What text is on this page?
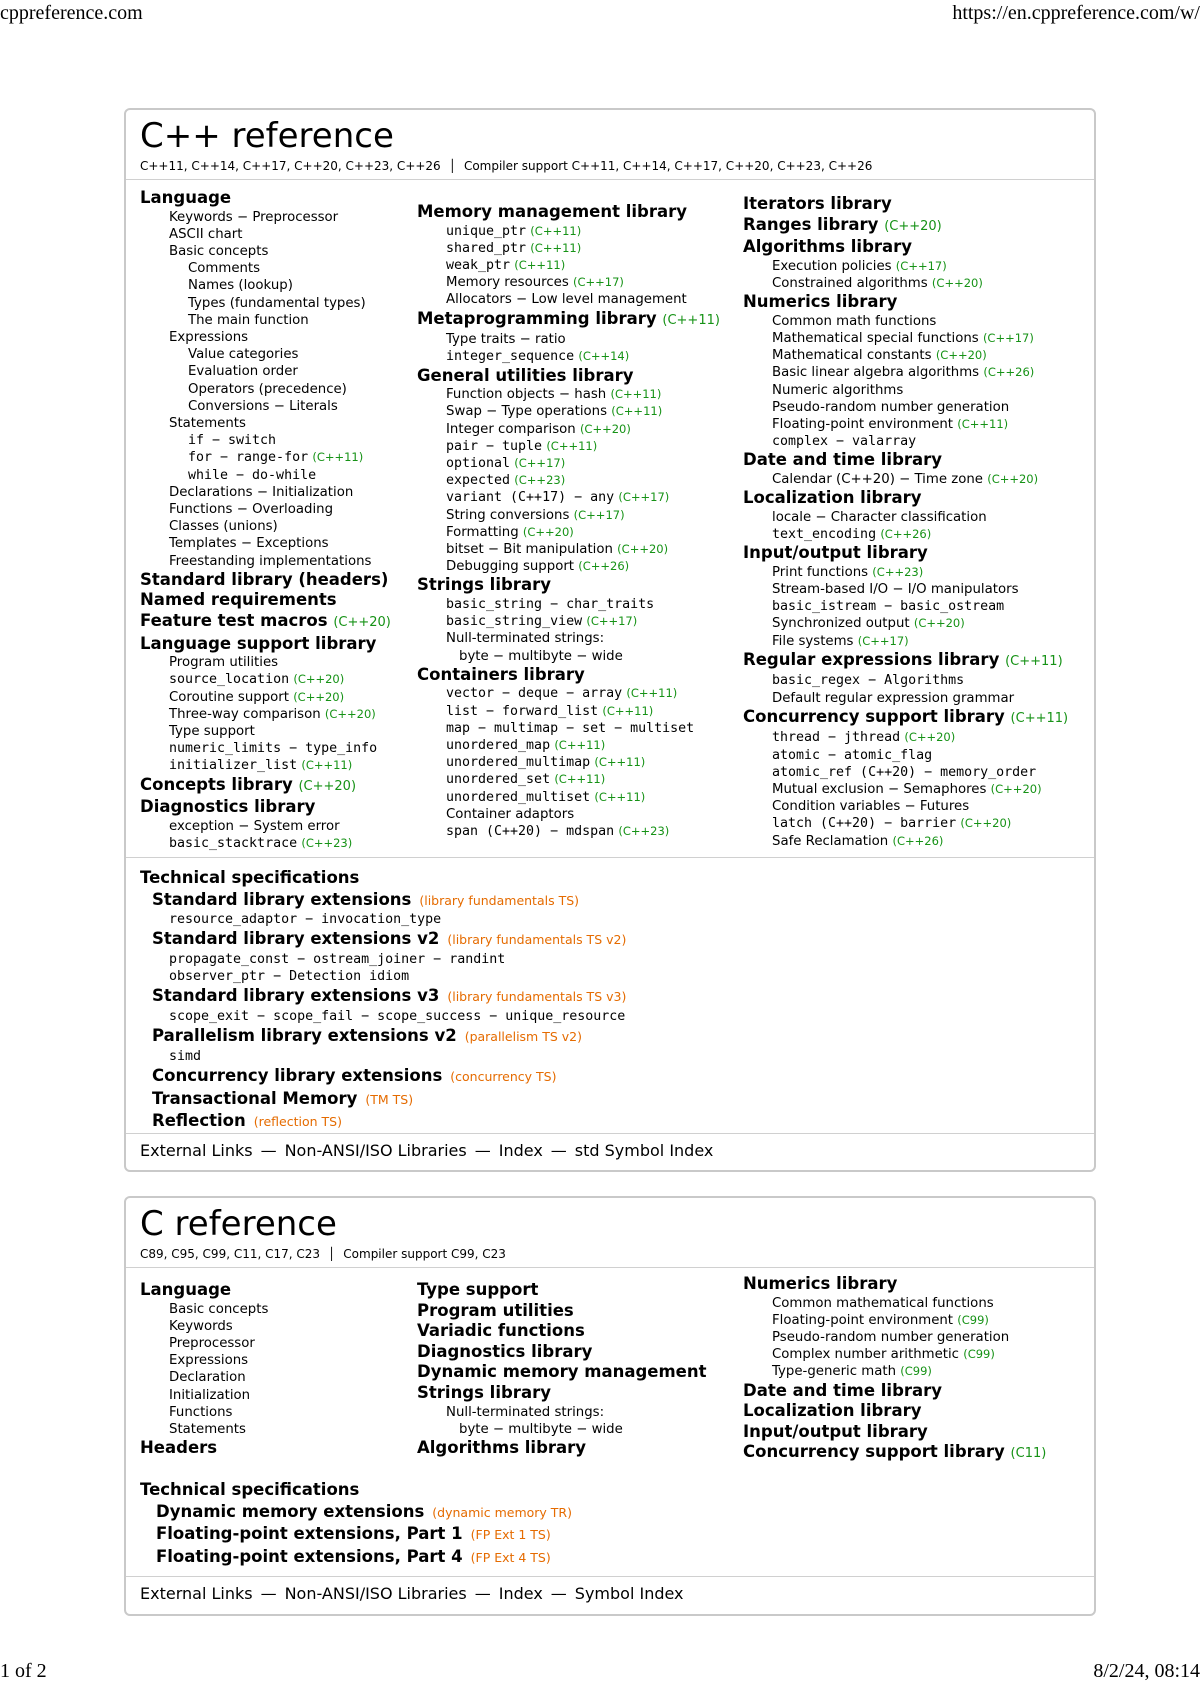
cppreference.com	https://en.cppreference.com/w/
C++ reference
C++11, C++14, C++17, C++20, C++23, C++26 │ Compiler support C++11, C++14, C++17, C++20, C++23, C++26
Language
Keywords − Preprocessor
ASCII chart
Basic concepts
Comments
Names (lookup)
Types (fundamental types)
The main function
Expressions
Value categories
Evaluation order
Operators (precedence)
Conversions − Literals
Statements
if − switch
for − range-for (C++11)
while − do-while
Declarations − Initialization
Functions − Overloading
Classes (unions)
Templates − Exceptions
Freestanding implementations
Standard library (headers)
Named requirements
Feature test macros (C++20)
Language support library
Program utilities
source_location (C++20)
Coroutine support (C++20)
Three-way comparison (C++20)
Type support
numeric_limits − type_info
initializer_list (C++11)
Concepts library (C++20)
Diagnostics library
exception − System error
basic_stacktrace (C++23)
Memory management library
unique_ptr (C++11)
shared_ptr (C++11)
weak_ptr (C++11)
Memory resources (C++17)
Allocators − Low level management
Metaprogramming library (C++11)
Type traits − ratio
integer_sequence (C++14)
General utilities library
Function objects − hash (C++11)
Swap − Type operations (C++11)
Integer comparison (C++20)
pair − tuple (C++11)
optional (C++17)
expected (C++23)
variant (C++17) − any (C++17)
String conversions (C++17)
Formatting (C++20)
bitset − Bit manipulation (C++20)
Debugging support (C++26)
Strings library
basic_string − char_traits
basic_string_view (C++17)
Null-terminated strings:
byte − multibyte − wide
Containers library
vector − deque − array (C++11)
list − forward_list (C++11)
map − multimap − set − multiset
unordered_map (C++11)
unordered_multimap (C++11)
unordered_set (C++11)
unordered_multiset (C++11)
Container adaptors
span (C++20) − mdspan (C++23)
Iterators library
Ranges library (C++20)
Algorithms library
Execution policies (C++17)
Constrained algorithms (C++20)
Numerics library
Common math functions
Mathematical special functions (C++17)
Mathematical constants (C++20)
Basic linear algebra algorithms (C++26)
Numeric algorithms
Pseudo-random number generation
Floating-point environment (C++11)
complex − valarray
Date and time library
Calendar (C++20) − Time zone (C++20)
Localization library
locale − Character classification
text_encoding (C++26)
Input/output library
Print functions (C++23)
Stream-based I/O − I/O manipulators
basic_istream − basic_ostream
Synchronized output (C++20)
File systems (C++17)
Regular expressions library (C++11)
basic_regex − Algorithms
Default regular expression grammar
Concurrency support library (C++11)
thread − jthread (C++20)
atomic − atomic_flag
atomic_ref (C++20) − memory_order
Mutual exclusion − Semaphores (C++20)
Condition variables − Futures
latch (C++20) − barrier (C++20)
Safe Reclamation (C++26)
Technical specifications
Standard library extensions (library fundamentals TS)
resource_adaptor − invocation_type
Standard library extensions v2 (library fundamentals TS v2)
propagate_const − ostream_joiner − randint
observer_ptr − Detection idiom
Standard library extensions v3 (library fundamentals TS v3)
scope_exit − scope_fail − scope_success − unique_resource
Parallelism library extensions v2 (parallelism TS v2)
simd
Concurrency library extensions (concurrency TS)
Transactional Memory (TM TS)
Reflection (reflection TS)
External Links — Non-ANSI/ISO Libraries — Index — std Symbol Index
C reference
C89, C95, C99, C11, C17, C23 │ Compiler support C99, C23
Language
Basic concepts
Keywords
Preprocessor
Expressions
Declaration
Initialization
Functions
Statements
Headers
Type support
Program utilities
Variadic functions
Diagnostics library
Dynamic memory management
Strings library
Null-terminated strings:
byte − multibyte − wide
Algorithms library
Numerics library
Common mathematical functions
Floating-point environment (C99)
Pseudo-random number generation
Complex number arithmetic (C99)
Type-generic math (C99)
Date and time library
Localization library
Input/output library
Concurrency support library (C11)
Technical specifications
Dynamic memory extensions (dynamic memory TR)
Floating-point extensions, Part 1 (FP Ext 1 TS)
Floating-point extensions, Part 4 (FP Ext 4 TS)
External Links — Non-ANSI/ISO Libraries — Index — Symbol Index
1 of 2	8/2/24, 08:14
